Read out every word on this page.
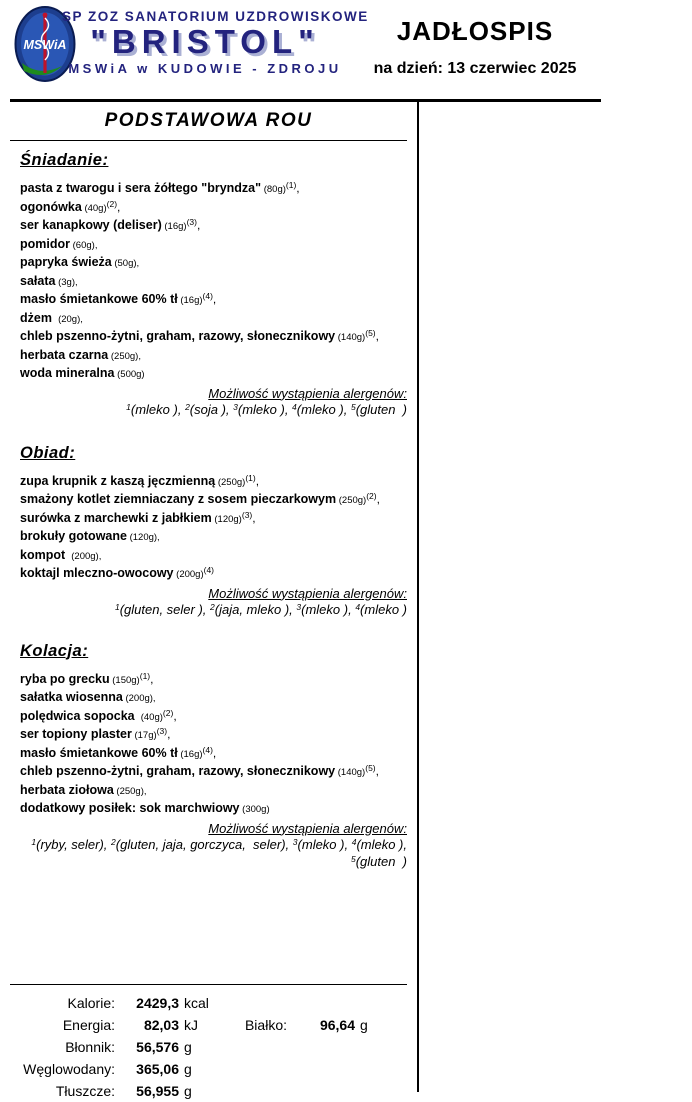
MSWiA
SP ZOZ SANATORIUM UZDROWISKOWE
"BRISTOL"
MSWiA w KUDOWIE - ZDROJU
JADŁOSPIS
na dzień: 13 czerwiec 2025
PODSTAWOWA ROU
Śniadanie:
pasta z twarogu i sera żółtego "bryndza" $(80g)^{(1)}$,
ogonówka $(40g)^{(2)}$,
ser kanapkowy (deliser) $(16g)^{(3)}$,
pomidor (60g),
papryka świeża (50g),
sałata (3g),
masło śmietankowe 60% tł $(16g)^{(4)}$,
dżem  (20g),
chleb pszenno-żytni, graham, razowy, słonecznikowy $(140g)^{(5)}$,
herbata czarna (250g),
woda mineralna (500g)
Możliwość wystąpienia alergenów:
$^1$(mleko ), $^2$(soja ), $^3$(mleko ), $^4$(mleko ), $^5$(gluten  )
Obiad:
zupa krupnik z kaszą jęczmienną $(250g)^{(1)}$,
smażony kotlet ziemniaczany z sosem pieczarkowym $(250g)^{(2)}$,
surówka z marchewki z jabłkiem $(120g)^{(3)}$,
brokuły gotowane (120g),
kompot  (200g),
koktajl mleczno-owocowy $(200g)^{(4)}$
Możliwość wystąpienia alergenów:
$^1$(gluten, seler ), $^2$(jaja, mleko ), $^3$(mleko ), $^4$(mleko )
Kolacja:
ryba po grecku $(150g)^{(1)}$,
sałatka wiosenna (200g),
polędwica sopocka  $(40g)^{(2)}$,
ser topiony plaster $(17g)^{(3)}$,
masło śmietankowe 60% tł $(16g)^{(4)}$,
chleb pszenno-żytni, graham, razowy, słonecznikowy $(140g)^{(5)}$,
herbata ziołowa (250g),
dodatkowy posiłek: sok marchwiowy (300g)
Możliwość wystąpienia alergenów:
$^1$(ryby, seler), $^2$(gluten, jaja, gorczyca,  seler), $^3$(mleko ), $^4$(mleko ),
$^5$(gluten  )
Kalorie:	2429,3 kcal
Energia:	82,03 kJ	Białko:	96,64 g
Błonnik:	56,576 g
Węglowodany:	365,06 g
Tłuszcze:	56,955 g
